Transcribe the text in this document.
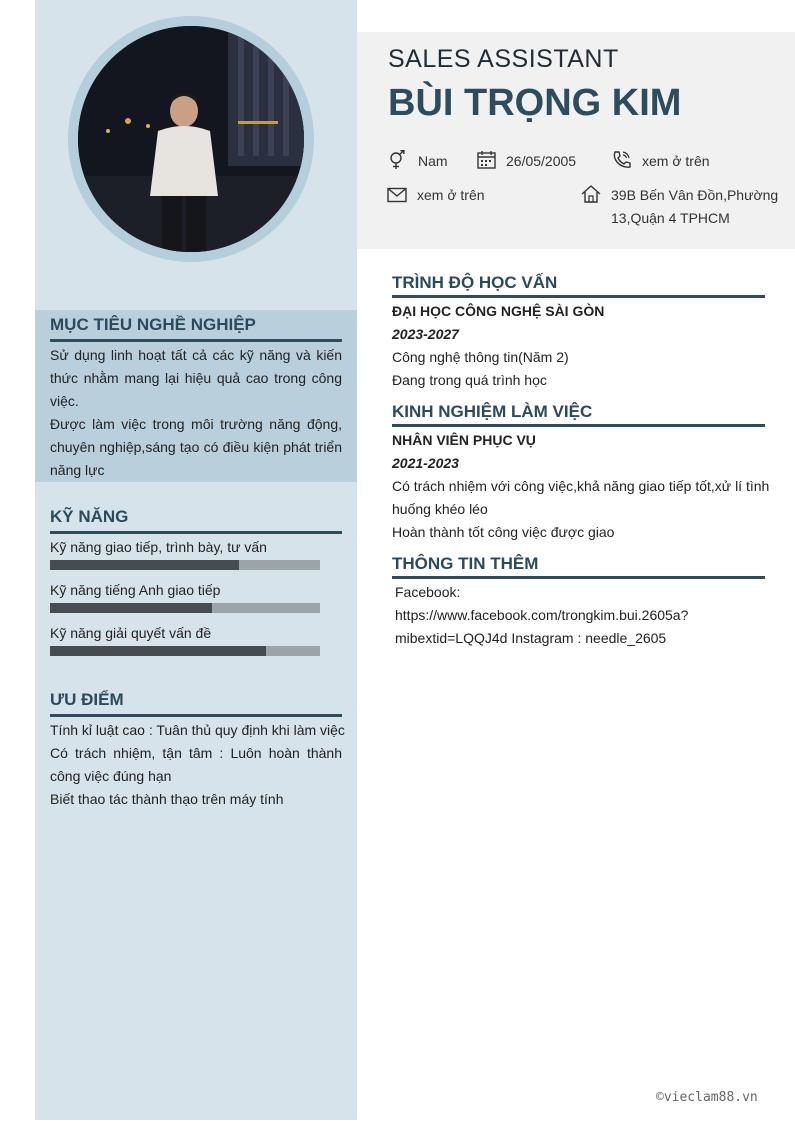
MỤC TIÊU NGHỀ NGHIỆP
Sử dụng linh hoạt tất cả các kỹ năng và kiến thức nhằm mang lại hiệu quả cao trong công việc.
Được làm việc trong môi trường năng động, chuyên nghiệp,sáng tạo có điều kiện phát triển năng lực
KỸ NĂNG
Kỹ năng giao tiếp, trình bày, tư vấn
Kỹ năng tiếng Anh giao tiếp
Kỹ năng giải quyết vấn đề
ƯU ĐIỂM
Tính kỉ luật cao : Tuân thủ quy định khi làm việc
Có trách nhiệm, tận tâm : Luôn hoàn thành công việc đúng hạn
Biết thao tác thành thạo trên máy tính
SALES ASSISTANT
BÙI TRỌNG KIM
Nam	26/05/2005	xem ở trên
xem ở trên	39B Bến Vân Đồn,Phường
13,Quận 4 TPHCM
TRÌNH ĐỘ HỌC VẤN
ĐẠI HỌC CÔNG NGHỆ SÀI GÒN
2023-2027
Công nghệ thông tin(Năm 2)
Đang trong quá trình học
KINH NGHIỆM LÀM VIỆC
NHÂN VIÊN PHỤC VỤ
2021-2023
Có trách nhiệm với công việc,khả năng giao tiếp tốt,xử lí tình huống khéo léo
Hoàn thành tốt công việc được giao
THÔNG TIN THÊM
Facebook:
https://www.facebook.com/trongkim.bui.2605a?
mibextid=LQQJ4d Instagram : needle_2605
©vieclam88.vn
